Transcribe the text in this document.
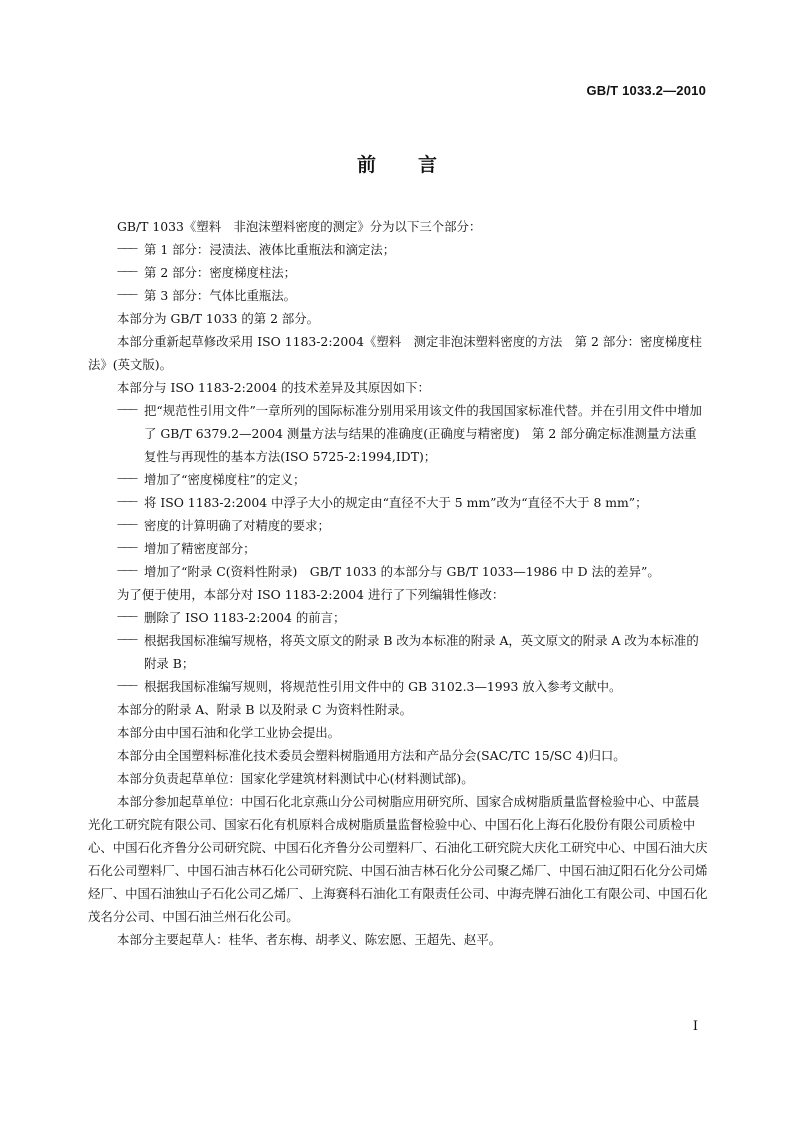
GB/T 1033.2—2010
前言

GB/T 1033《塑料　非泡沫塑料密度的测定》分为以下三个部分：

——— 第 1 部分：浸渍法、液体比重瓶法和滴定法；

——— 第 2 部分：密度梯度柱法；

——— 第 3 部分：气体比重瓶法。

本部分为 GB/T 1033 的第 2 部分。

本部分重新起草修改采用 ISO 1183-2:2004《塑料　测定非泡沫塑料密度的方法　第 2 部分：密度梯度柱法》(英文版)。

本部分与 ISO 1183-2:2004 的技术差异及其原因如下：

——— 把“规范性引用文件”一章所列的国际标准分别用采用该文件的我国国家标准代替。并在引用文件中增加了 GB/T 6379.2—2004 测量方法与结果的准确度(正确度与精密度)　第 2 部分确定标准测量方法重复性与再现性的基本方法(ISO 5725-2:1994,IDT)；

——— 增加了“密度梯度柱”的定义；

——— 将 ISO 1183-2:2004 中浮子大小的规定由“直径不大于 5 mm”改为“直径不大于 8 mm”；

——— 密度的计算明确了对精度的要求；

——— 增加了精密度部分；

——— 增加了“附录 C(资料性附录)　GB/T 1033 的本部分与 GB/T 1033—1986 中 D 法的差异”。

为了便于使用，本部分对 ISO 1183-2:2004 进行了下列编辑性修改：

——— 删除了 ISO 1183-2:2004 的前言；

——— 根据我国标准编写规格，将英文原文的附录 B 改为本标准的附录 A，英文原文的附录 A 改为本标准的附录 B；

——— 根据我国标准编写规则，将规范性引用文件中的 GB 3102.3—1993 放入参考文献中。

本部分的附录 A、附录 B 以及附录 C 为资料性附录。

本部分由中国石油和化学工业协会提出。

本部分由全国塑料标准化技术委员会塑料树脂通用方法和产品分会(SAC/TC 15/SC 4)归口。

本部分负责起草单位：国家化学建筑材料测试中心(材料测试部)。

本部分参加起草单位：中国石化北京燕山分公司树脂应用研究所、国家合成树脂质量监督检验中心、中蓝晨光化工研究院有限公司、国家石化有机原料合成树脂质量监督检验中心、中国石化上海石化股份有限公司质检中心、中国石化齐鲁分公司研究院、中国石化齐鲁分公司塑料厂、石油化工研究院大庆化工研究中心、中国石油大庆石化公司塑料厂、中国石油吉林石化公司研究院、中国石油吉林石化分公司聚乙烯厂、中国石油辽阳石化分公司烯烃厂、中国石油独山子石化公司乙烯厂、上海赛科石油化工有限责任公司、中海壳牌石油化工有限公司、中国石化茂名分公司、中国石油兰州石化公司。

本部分主要起草人：桂华、者东梅、胡孝义、陈宏愿、王超先、赵平。

I
